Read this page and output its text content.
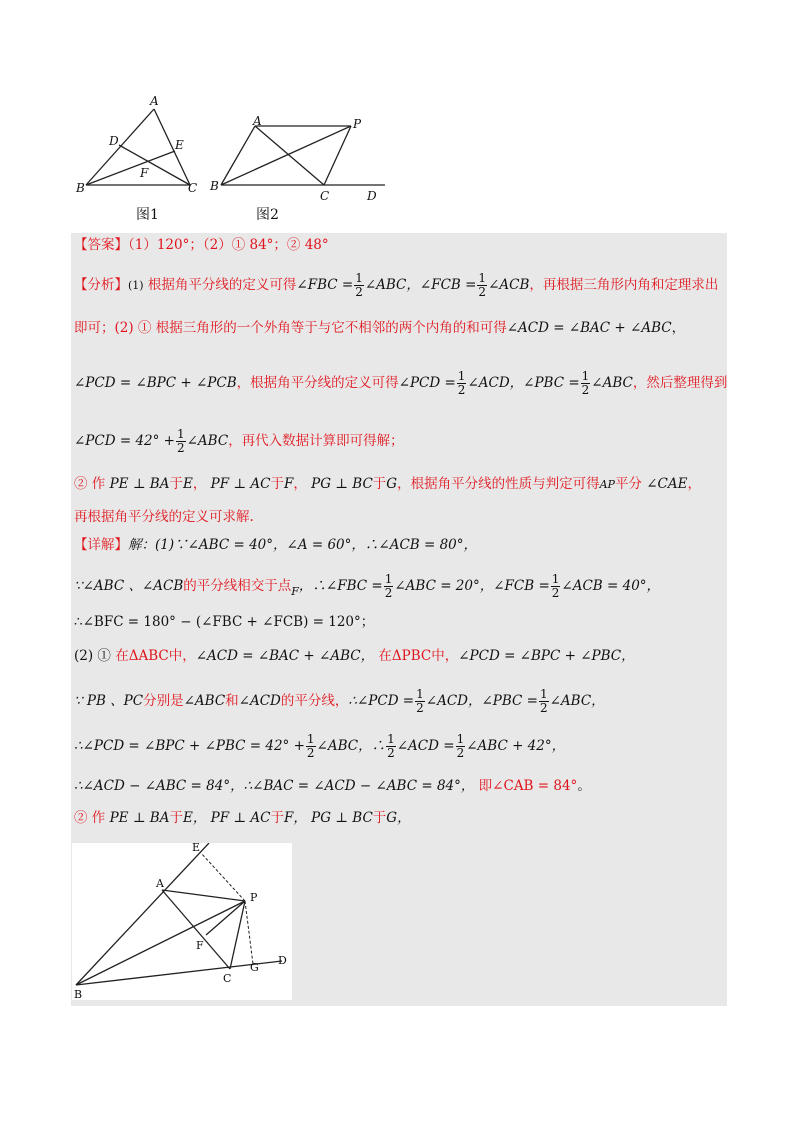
A
B	C
D	E
F
A	P
B
C	D
图1	图2
【答案】（1）120°；（2）① 84°；② 48°
【分析】(1) 根据角平分线的定义可得∠FBC = $\frac{1}{2}$ ∠ABC，∠FCB = $\frac{1}{2}$ ∠ACB，再根据三角形内角和定理求出
即可；(2) ① 根据三角形的一个外角等于与它不相邻的两个内角的和可得∠ACD = ∠BAC + ∠ABC，
∠PCD = ∠BPC + ∠PCB，根据角平分线的定义可得∠PCD = $\frac{1}{2}$ ∠ACD，∠PBC = $\frac{1}{2}$ ∠ABC，然后整理得到
∠PCD = $42^\circ + \frac{1}{2}$ ∠ABC，再代入数据计算即可得解；
② 作 PE ⊥ BA于E， PF ⊥ AC于F， PG ⊥ BC于G，根据角平分线的性质与判定可得AP平分 ∠CAE，
再根据角平分线的定义可求解.
【详解】解：(1)∵∠ABC = 40°，∠A = 60°，∴∠ACB = 80°，
∵∠ABC 、∠ACB的平分线相交于点$_F$，∴∠FBC = $\frac{1}{2}$ ∠ABC = 20°，∠FCB = $\frac{1}{2}$ ∠ACB = 40°，
∴∠BFC = 180° − (∠FBC + ∠FCB) = 120°；
(2) ① 在ΔABC中，∠ACD = ∠BAC + ∠ABC， 在ΔPBC中，∠PCD = ∠BPC + ∠PBC，
∵ PB 、PC分别是∠ABC和∠ACD的平分线，∴∠PCD = $\frac{1}{2}$ ∠ACD，∠PBC = $\frac{1}{2}$ ∠ABC，
∴∠PCD = ∠BPC + ∠PBC = $42^\circ + \frac{1}{2}$ ∠ABC，∴ $\frac{1}{2}$ ∠ACD = $\frac{1}{2}$ ∠ABC + 42°，
∴∠ACD − ∠ABC = 84°，∴∠BAC = ∠ACD − ∠ABC = 84°， 即∠CAB = 84°。
② 作 PE ⊥ BA于E， PF ⊥ AC于F， PG ⊥ BC于G，
E
A
P
F
B
C
G
D
